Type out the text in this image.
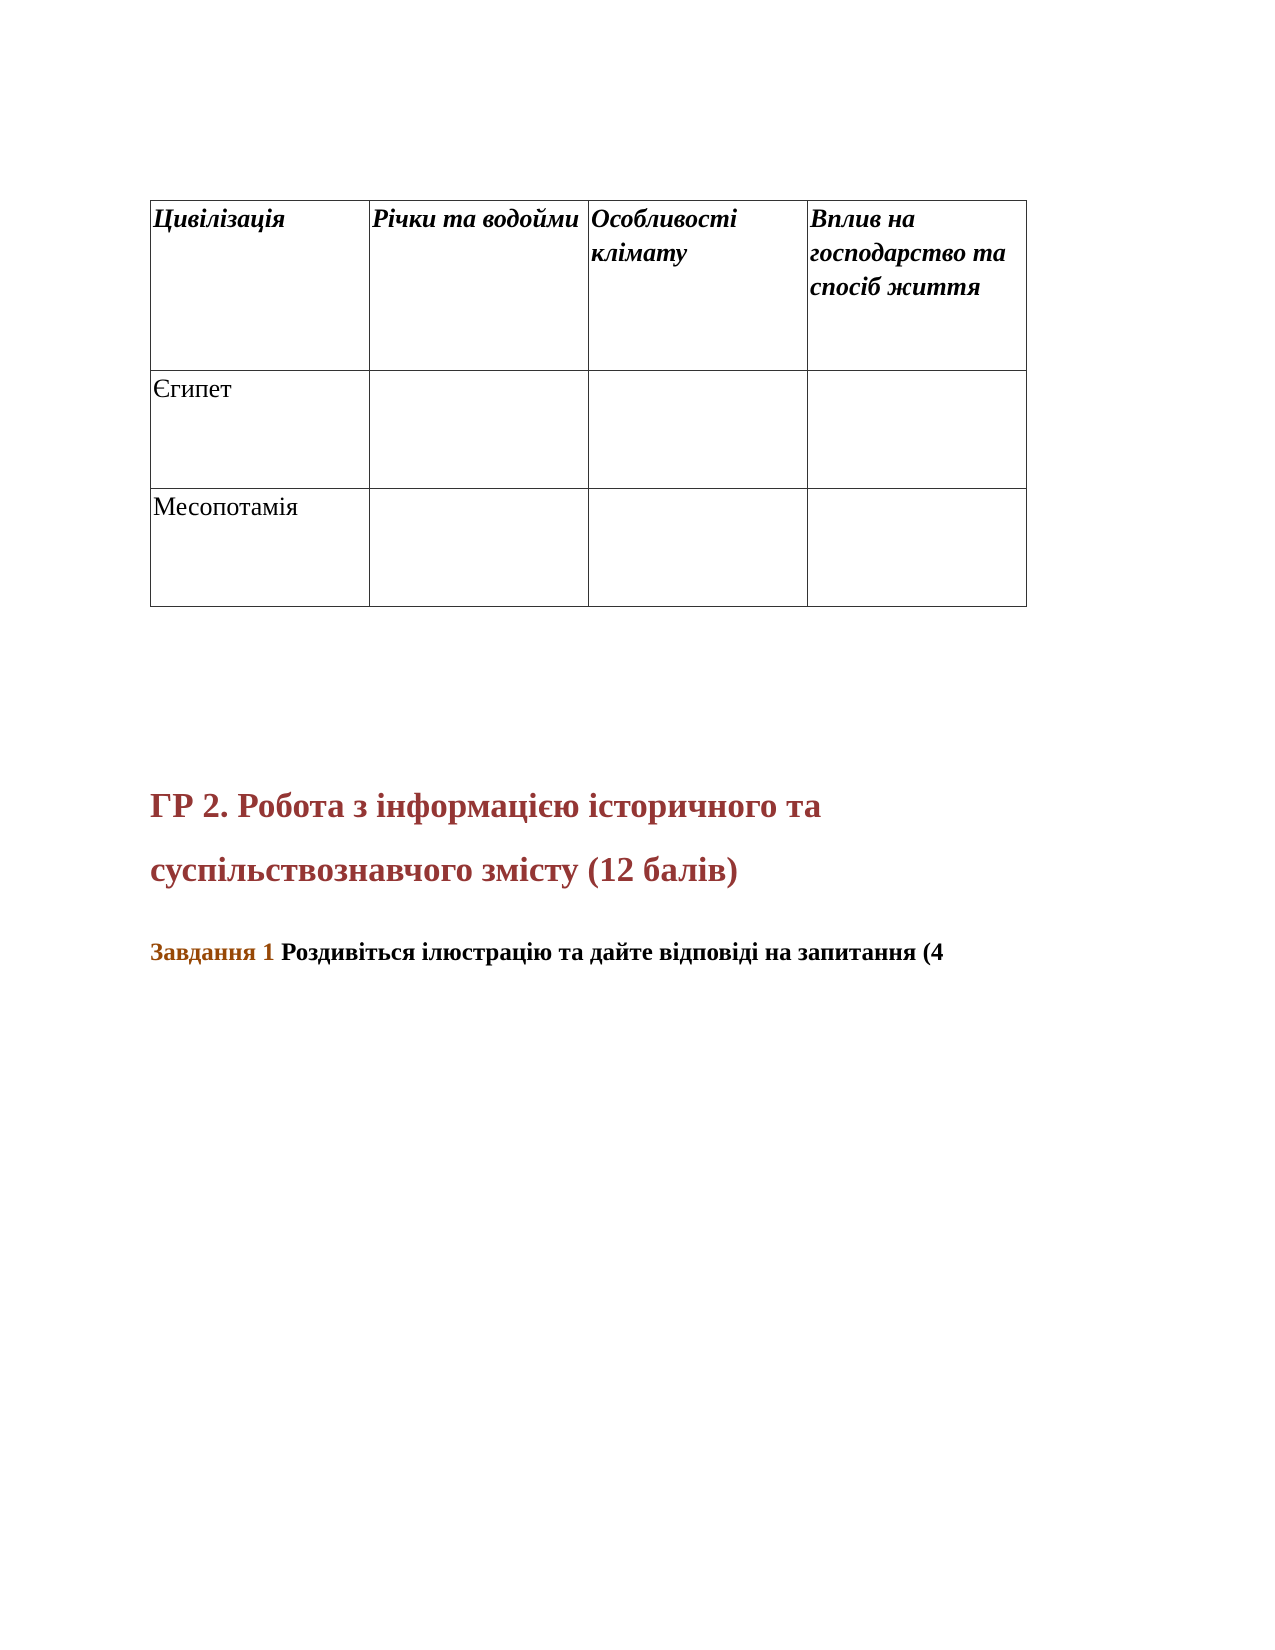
Цивілізація	Річки та водойми	Особливості клімату	Вплив на господарство та спосіб життя
Єгипет			
Месопотамія			
ГР 2. Робота з інформацією історичного та суспільствознавчого змісту (12 балів)

Завдання 1 Роздивіться ілюстрацію та дайте відповіді на запитання (4
